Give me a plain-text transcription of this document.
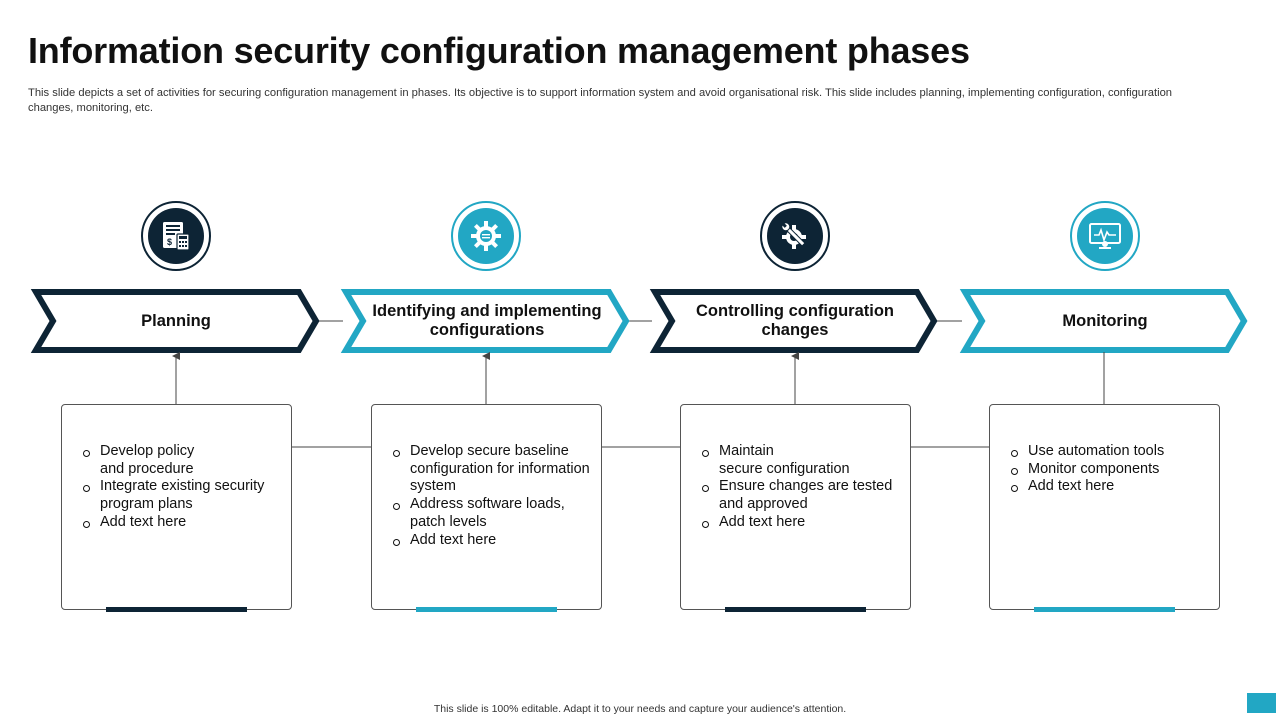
Information security configuration management phases
This slide depicts a set of activities for securing configuration management in phases. Its objective is to support information system and avoid organisational risk. This slide includes planning, implementing configuration, configuration changes, monitoring, etc.
$
Planning
Identifying and implementing configurations
Controlling configuration changes
Monitoring
Develop policy
and procedure
Integrate existing security program plans
Add text here
Develop secure baseline configuration for information system
Address software loads, patch levels
Add text here
Maintain
secure configuration
Ensure changes are tested and approved
Add text here
Use automation tools
Monitor components
Add text here
This slide is 100% editable. Adapt it to your needs and capture your audience's attention.
